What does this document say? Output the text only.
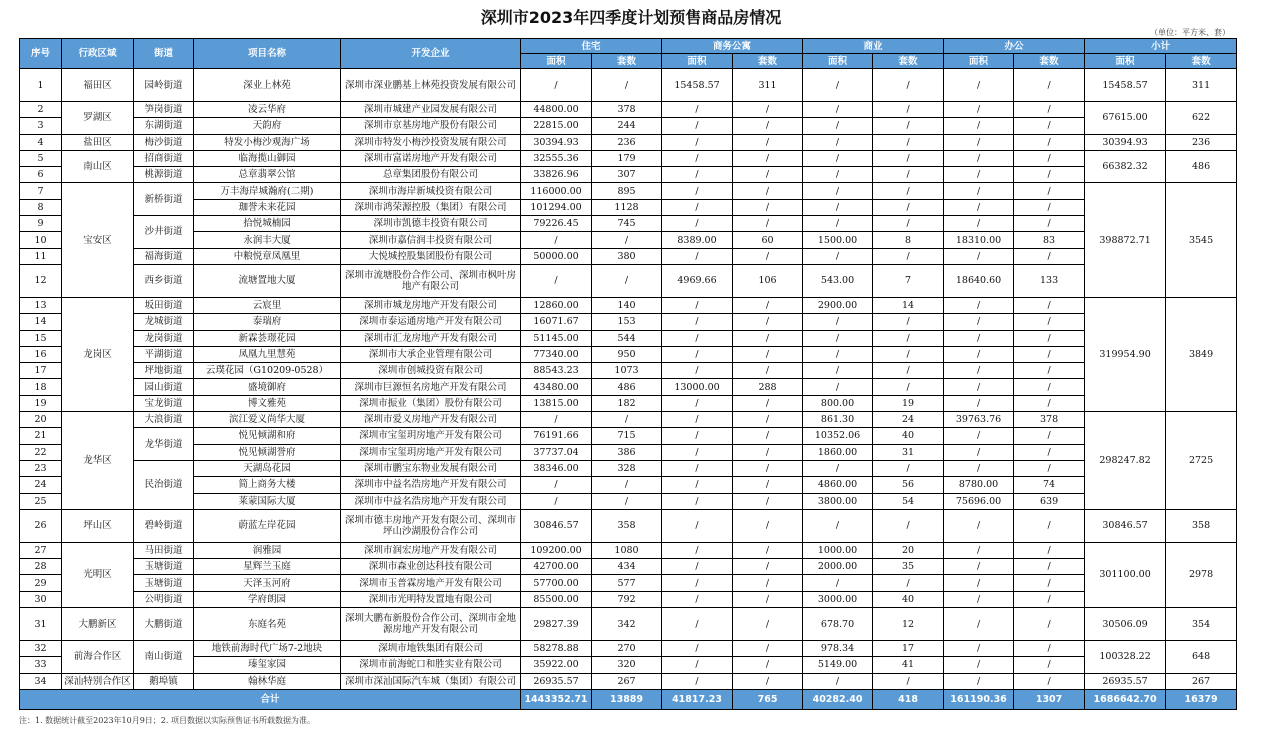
深圳市2023年四季度计划预售商品房情况
（单位：平方米、套）
序号	行政区域	街道	项目名称	开发企业	住宅		商务公寓		商业		办公		小计	
					面积	套数	面积	套数	面积	套数	面积	套数	面积	套数
1	福田区	园岭街道	深业上林苑	深圳市深业鹏基上林苑投资发展有限公司	/	/	15458.57	311	/	/	/	/	15458.57	311
2	罗湖区	笋岗街道	凌云华府	深圳市城建产业园发展有限公司	44800.00	378	/	/	/	/	/	/	67615.00	622
3		东湖街道	天韵府	深圳市京基房地产股份有限公司	22815.00	244	/	/	/	/	/	/		
4	盐田区	梅沙街道	特发小梅沙观海广场	深圳市特发小梅沙投资发展有限公司	30394.93	236	/	/	/	/	/	/	30394.93	236
5	南山区	招商街道	临海揽山御园	深圳市富诺房地产开发有限公司	32555.36	179	/	/	/	/	/	/	66382.32	486
6		桃源街道	总章翡翠公馆	总章集团股份有限公司	33826.96	307	/	/	/	/	/	/		
7	宝安区	新桥街道	万丰海岸城瀚府(二期)	深圳市海岸新城投资有限公司	116000.00	895	/	/	/	/	/	/	398872.71	3545
8			珈誉未来花园	深圳市鸿荣源控股（集团）有限公司	101294.00	1128	/	/	/	/	/	/		
9		沙井街道	拾悦城楠园	深圳市凯德丰投资有限公司	79226.45	745	/	/	/	/	/	/		
10			永润丰大厦	深圳市嘉信润丰投资有限公司	/	/	8389.00	60	1500.00	8	18310.00	83		
11		福海街道	中粮悦章凤凰里	大悦城控股集团股份有限公司	50000.00	380	/	/	/	/	/	/		
12		西乡街道	流塘置地大厦	深圳市流塘股份合作公司、深圳市枫叶房地产有限公司	/	/	4969.66	106	543.00	7	18640.60	133		
13	龙岗区	坂田街道	云宸里	深圳市城龙房地产开发有限公司	12860.00	140	/	/	2900.00	14	/	/	319954.90	3849
14		龙城街道	泰瑞府	深圳市泰运通房地产开发有限公司	16071.67	153	/	/	/	/	/	/		
15		龙岗街道	新霖荟璟花园	深圳市汇龙房地产开发有限公司	51145.00	544	/	/	/	/	/	/		
16		平湖街道	凤凰九里慧苑	深圳市大承企业管理有限公司	77340.00	950	/	/	/	/	/	/		
17		坪地街道	云璞花园（G10209-0528）	深圳市创城投资有限公司	88543.23	1073	/	/	/	/	/	/		
18		园山街道	盛境御府	深圳市巨源恒名房地产开发有限公司	43480.00	486	13000.00	288	/	/	/	/		
19		宝龙街道	博文雅苑	深圳市振业（集团）股份有限公司	13815.00	182	/	/	800.00	19	/	/		
20	龙华区	大浪街道	滨江爱义尚华大厦	深圳市爱义房地产开发有限公司	/	/	/	/	861.30	24	39763.76	378	298247.82	2725
21		龙华街道	悦见倾湖和府	深圳市宝玺玥房地产开发有限公司	76191.66	715	/	/	10352.06	40	/	/		
22			悦见倾湖誉府	深圳市宝玺玥房地产开发有限公司	37737.04	386	/	/	1860.00	31	/	/		
23		民治街道	天湖岛花园	深圳市鹏宝东物业发展有限公司	38346.00	328	/	/	/	/	/	/		
24			简上商务大楼	深圳市中益名浩房地产开发有限公司	/	/	/	/	4860.00	56	8780.00	74		
25			莱蒙国际大厦	深圳市中益名浩房地产开发有限公司	/	/	/	/	3800.00	54	75696.00	639		
26	坪山区	碧岭街道	蔚蓝左岸花园	深圳市德丰房地产开发有限公司、深圳市坪山沙湖股份合作公司	30846.57	358	/	/	/	/	/	/	30846.57	358
27	光明区	马田街道	润雅园	深圳市润宏房地产开发有限公司	109200.00	1080	/	/	1000.00	20	/	/	301100.00	2978
28		玉塘街道	星辉兰玉庭	深圳市森业创达科技有限公司	42700.00	434	/	/	2000.00	35	/	/		
29		玉塘街道	天泽玉河府	深圳市玉普霖房地产开发有限公司	57700.00	577	/	/	/	/	/	/		
30		公明街道	学府朗园	深圳市光明特发置地有限公司	85500.00	792	/	/	3000.00	40	/	/		
31	大鹏新区	大鹏街道	东庭名苑	深圳大鹏布新股份合作公司、深圳市金地源房地产开发有限公司	29827.39	342	/	/	678.70	12	/	/	30506.09	354
32	前海合作区	南山街道	地铁前海时代广场7-2地块	深圳市地铁集团有限公司	58278.88	270	/	/	978.34	17	/	/	100328.22	648
33			瑧玺家园	深圳市前海蛇口和胜实业有限公司	35922.00	320	/	/	5149.00	41	/	/		
34	深汕特别合作区	鹅埠镇	翰林华庭	深圳市深汕国际汽车城（集团）有限公司	26935.57	267	/	/	/	/	/	/	26935.57	267
合计					1443352.71	13889	41817.23	765	40282.40	418	161190.36	1307	1686642.70	16379
注：1. 数据统计截至2023年10月9日；2. 项目数据以实际预售证书所载数据为准。
